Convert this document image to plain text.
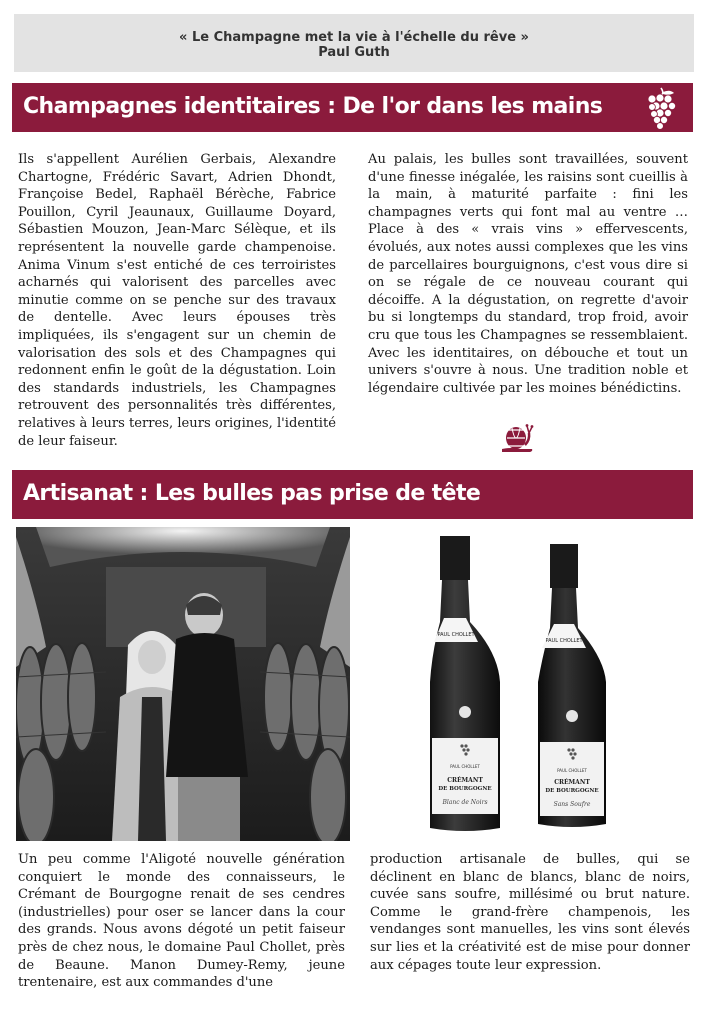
« Le Champagne met la vie à l'échelle du rêve »
Paul Guth
Champagnes identitaires : De l'or dans les mains
Ils s'appellent Aurélien Gerbais, Alexandre Chartogne, Frédéric Savart, Adrien Dhondt, Françoise Bedel, Raphaël Bérèche, Fabrice Pouillon, Cyril Jeaunaux, Guillaume Doyard, Sébastien Mouzon, Jean-Marc Sélèque, et ils représentent la nouvelle garde champenoise. Anima Vinum s'est entiché de ces terroiristes acharnés qui valorisent des parcelles avec minutie comme on se penche sur des travaux de dentelle. Avec leurs épouses très impliquées, ils s'engagent sur un chemin de valorisation des sols et des Champagnes qui redonnent enfin le goût de la dégustation. Loin des standards industriels, les Champagnes retrouvent des personnalités très différentes, relatives à leurs terres, leurs origines, l'identité de leur faiseur.
Au palais, les bulles sont travaillées, souvent d'une finesse inégalée, les raisins sont cueillis à la main, à maturité parfaite : fini les champagnes verts qui font mal au ventre … Place à des « vrais vins » effervescents, évolués, aux notes aussi complexes que les vins de parcellaires bourguignons, c'est vous dire si on se régale de ce nouveau courant qui décoiffe. A la dégustation, on regrette d'avoir bu si longtemps du standard, trop froid, avoir cru que tous les Champagnes se ressemblaient. Avec les identitaires, on débouche et tout un univers s'ouvre à nous. Une tradition noble et légendaire cultivée par les moines bénédictins.
Artisanat : Les bulles pas prise de tête
PAUL CHOLLET
PAUL CHOLLET
CRÉMANT
DE BOURGOGNE
Blanc de Noirs
PAUL CHOLLET
PAUL CHOLLET
CRÉMANT
DE BOURGOGNE
Sans Soufre
Un peu comme l'Aligoté nouvelle génération conquiert le monde des connaisseurs, le Crémant de Bourgogne renait de ses cendres (industrielles) pour oser se lancer dans la cour des grands. Nous avons dégoté un petit faiseur près de chez nous, le domaine Paul Chollet, près de Beaune. Manon Dumey-Remy, jeune trentenaire, est aux commandes d'une
production artisanale de bulles, qui se déclinent en blanc de blancs, blanc de noirs, cuvée sans soufre, millésimé ou brut nature. Comme le grand-frère champenois, les vendanges sont manuelles, les vins sont élevés sur lies et la créativité est de mise pour donner aux cépages toute leur expression.
